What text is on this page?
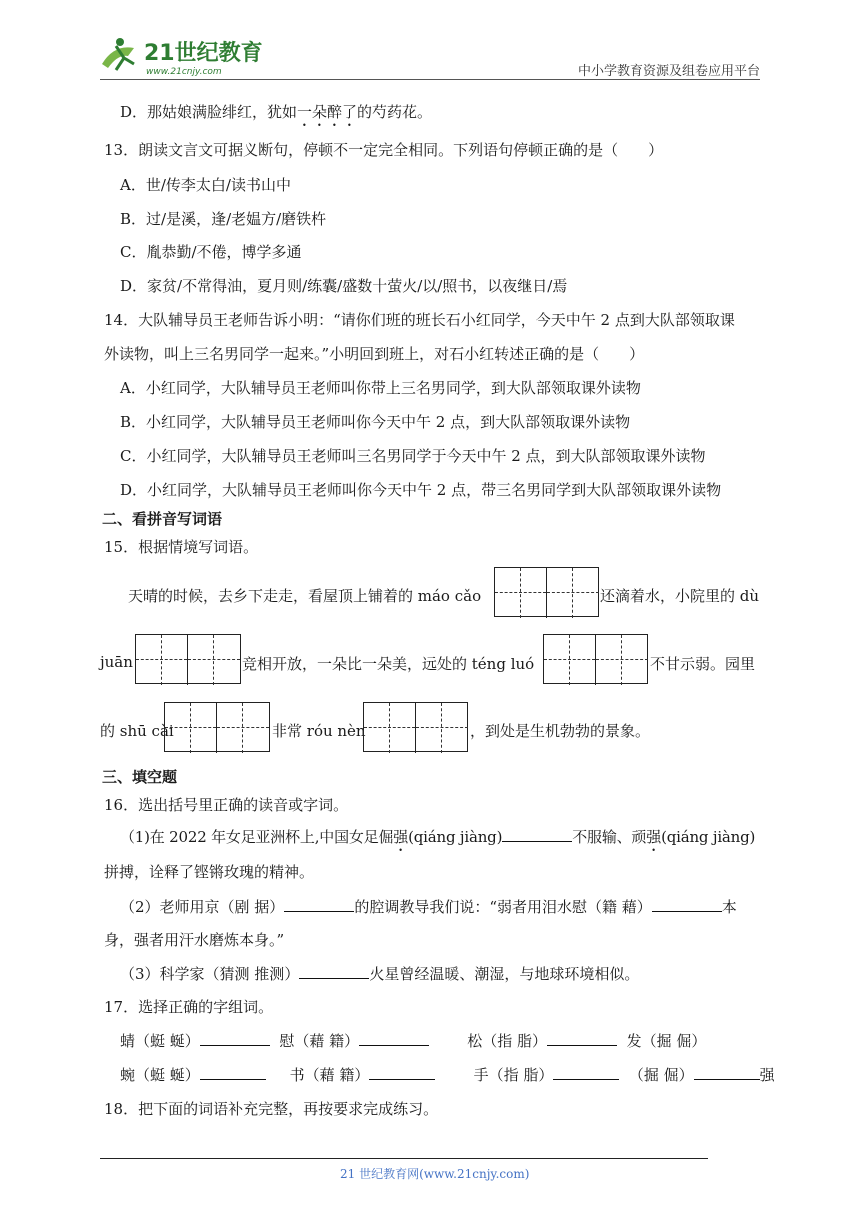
21世纪教育
www.21cnjy.com	中小学教育资源及组卷应用平台
D．那姑娘满脸绯红，犹如一朵醉了的芍药花。
13．朗读文言文可据义断句，停顿不一定完全相同。下列语句停顿正确的是（　　）
A．世/传李太白/读书山中
B．过/是溪，逢/老媪方/磨铁杵
C．胤恭勤/不倦，博学多通
D．家贫/不常得油，夏月则/练囊/盛数十萤火/以/照书，以夜继日/焉
14．大队辅导员王老师告诉小明：“请你们班的班长石小红同学，今天中午 2 点到大队部领取课
外读物，叫上三名男同学一起来。”小明回到班上，对石小红转述正确的是（　　）
A．小红同学，大队辅导员王老师叫你带上三名男同学，到大队部领取课外读物
B．小红同学，大队辅导员王老师叫你今天中午 2 点，到大队部领取课外读物
C．小红同学，大队辅导员王老师叫三名男同学于今天中午 2 点，到大队部领取课外读物
D．小红同学，大队辅导员王老师叫你今天中午 2 点，带三名男同学到大队部领取课外读物
二、看拼音写词语
15．根据情境写词语。
天晴的时候，去乡下走走，看屋顶上铺着的 máo cǎo	还滴着水，小院里的 dù
juān	竞相开放，一朵比一朵美，远处的 téng luó	不甘示弱。园里
的 shū cài	非常 róu nèn	，到处是生机勃勃的景象。
三、填空题
16．选出括号里正确的读音或字词。
（1)在 2022 年女足亚洲杯上,中国女足倔强(qiáng jiàng)	不服输、顽强(qiáng jiàng)
拼搏，诠释了铿锵玫瑰的精神。
（2）老师用京（剧 据）	的腔调教导我们说：“弱者用泪水慰（籍 藉）	本
身，强者用汗水磨炼本身。”
（3）科学家（猜测 推测）	火星曾经温暖、潮湿，与地球环境相似。
17．选择正确的字组词。
蜻（蜓 蜒）	慰（藉 籍）	松（指 脂）	发（掘 倔）
蜿（蜓 蜒）	书（藉 籍）	手（指 脂）	（掘 倔）	强
18．把下面的词语补充完整，再按要求完成练习。
21 世纪教育网(www.21cnjy.com)
